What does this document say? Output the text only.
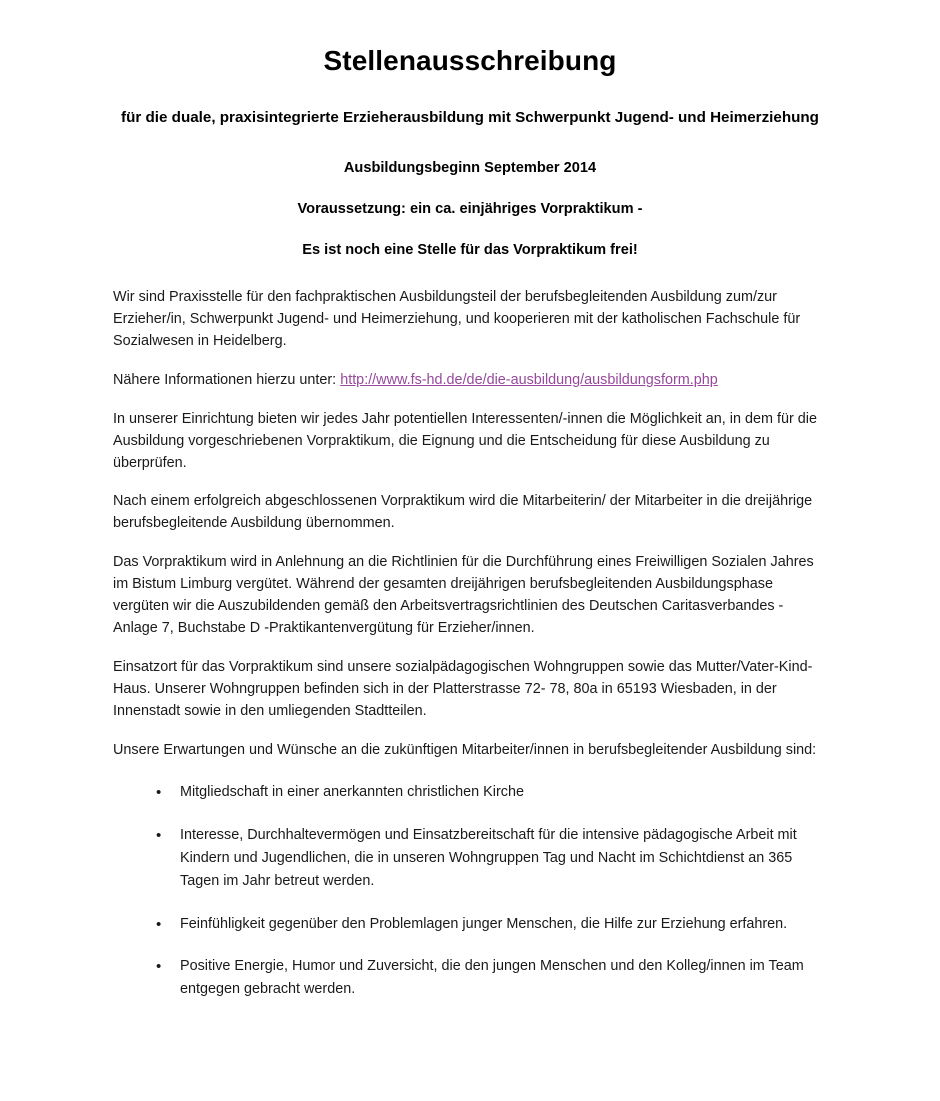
Stellenausschreibung
für die duale, praxisintegrierte Erzieherausbildung mit Schwerpunkt Jugend- und Heimerziehung
Ausbildungsbeginn September 2014
Voraussetzung: ein ca. einjähriges Vorpraktikum -
Es ist noch eine Stelle für das Vorpraktikum frei!

Wir sind Praxisstelle für den fachpraktischen Ausbildungsteil der berufsbegleitenden Ausbildung zum/zur Erzieher/in, Schwerpunkt Jugend- und Heimerziehung, und kooperieren mit der katholischen Fachschule für Sozialwesen in Heidelberg.

Nähere Informationen hierzu unter: http://www.fs-hd.de/de/die-ausbildung/ausbildungsform.php

In unserer Einrichtung bieten wir jedes Jahr potentiellen Interessenten/-innen die Möglichkeit an, in dem für die Ausbildung vorgeschriebenen Vorpraktikum, die Eignung und die Entscheidung für diese Ausbildung zu überprüfen.

Nach einem erfolgreich abgeschlossenen Vorpraktikum wird die Mitarbeiterin/ der Mitarbeiter in die dreijährige berufsbegleitende Ausbildung übernommen.

Das Vorpraktikum wird in Anlehnung an die Richtlinien für die Durchführung eines Freiwilligen Sozialen Jahres im Bistum Limburg vergütet. Während der gesamten dreijährigen berufsbegleitenden Ausbildungsphase vergüten wir die Auszubildenden gemäß den Arbeitsvertragsrichtlinien des Deutschen Caritasverbandes - Anlage 7, Buchstabe D -Praktikantenvergütung für Erzieher/innen.

Einsatzort für das Vorpraktikum sind unsere sozialpädagogischen Wohngruppen sowie das Mutter/Vater-Kind-Haus. Unserer Wohngruppen befinden sich in der Platterstrasse 72- 78, 80a in 65193 Wiesbaden, in der Innenstadt sowie in den umliegenden Stadtteilen.

Unsere Erwartungen und Wünsche an die zukünftigen Mitarbeiter/innen in berufsbegleitender Ausbildung sind:

•	Mitgliedschaft in einer anerkannten christlichen Kirche
•	Interesse, Durchhaltevermögen und Einsatzbereitschaft für die intensive pädagogische Arbeit mit Kindern und Jugendlichen, die in unseren Wohngruppen Tag und Nacht im Schichtdienst an 365 Tagen im Jahr betreut werden.
•	Feinfühligkeit gegenüber den Problemlagen junger Menschen, die Hilfe zur Erziehung erfahren.
•	Positive Energie, Humor und Zuversicht, die den jungen Menschen und den Kolleg/innen im Team entgegen gebracht werden.
